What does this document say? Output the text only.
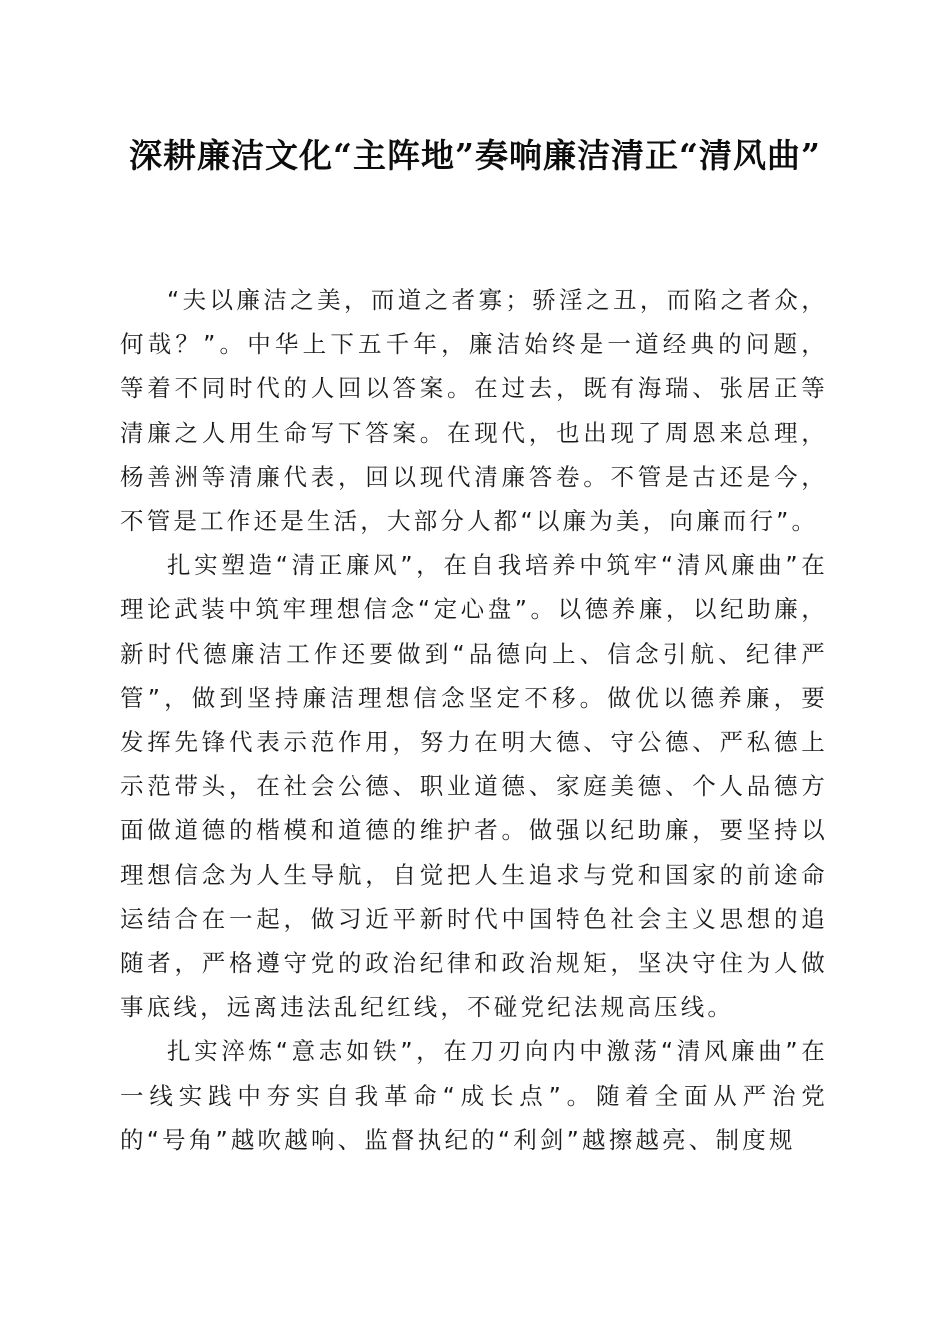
深耕廉洁文化“主阵地”奏响廉洁清正“清风曲”

“夫以廉洁之美，而道之者寡；骄淫之丑，而陷之者众，何哉？”。中华上下五千年，廉洁始终是一道经典的问题，等着不同时代的人回以答案。在过去，既有海瑞、张居正等清廉之人用生命写下答案。在现代，也出现了周恩来总理，杨善洲等清廉代表，回以现代清廉答卷。不管是古还是今，不管是工作还是生活，大部分人都“以廉为美，向廉而行”。

扎实塑造“清正廉风”，在自我培养中筑牢“清风廉曲”在理论武装中筑牢理想信念“定心盘”。以德养廉，以纪助廉，新时代德廉洁工作还要做到“品德向上、信念引航、纪律严管”，做到坚持廉洁理想信念坚定不移。做优以德养廉，要发挥先锋代表示范作用，努力在明大德、守公德、严私德上示范带头，在社会公德、职业道德、家庭美德、个人品德方面做道德的楷模和道德的维护者。做强以纪助廉，要坚持以理想信念为人生导航，自觉把人生追求与党和国家的前途命运结合在一起，做习近平新时代中国特色社会主义思想的追随者，严格遵守党的政治纪律和政治规矩，坚决守住为人做事底线，远离违法乱纪红线，不碰党纪法规高压线。

扎实淬炼“意志如铁”，在刀刃向内中激荡“清风廉曲”在一线实践中夯实自我革命“成长点”。随着全面从严治党的“号角”越吹越响、监督执纪的“利剑”越擦越亮、制度规
